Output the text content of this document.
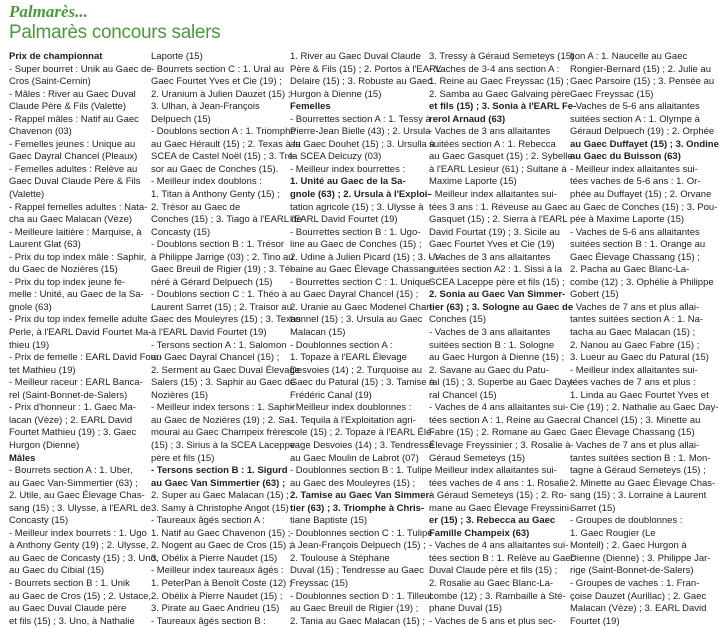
Palmarès...
Palmarès concours salers
Prix de championnat
- Super bourret : Unik au Gaec de
Cros (Saint-Cernin)
- Mâles : River au Gaec Duval
Claude Père & Fils (Valette)
- Rappel mâles : Natif au Gaec
Chavenon (03)
- Femelles jeunes : Unique au
Gaec Dayral Chancel (Pleaux)
- Femelles adultes : Relève au
Gaec Duval Claude Père & Fils
(Valette)
- Rappel femelles adultes : Nata-
cha au Gaec Malacan (Vèze)
- Meilleure laitière : Marquise, à
Laurent Glat (63)
- Prix du top index mâle : Saphir,
du Gaec de Nozières (15)
- Prix du top index jeune fe-
melle : Unité, au Gaec de la Sa-
gnole (63)
- Prix du top index femelle adulte :
Perle, à l'EARL David Fourtet Ma-
thieu (19)
- Prix de femelle : EARL David Four-
tet Mathieu (19)
- Meilleur raceur : EARL Banca-
rel (Saint-Bonnet-de-Salers)
- Prix d'honneur : 1. Gaec Ma-
lacan (Vèze) ; 2. EARL David
Fourtet Mathieu (19) ; 3. Gaec
Hurgon (Dienne)
Mâles
- Bourrets section A : 1. Uber,
au Gaec Van-Simmertier (63) ;
2. Utile, au Gaec Élevage Chas-
sang (15) ; 3. Ulysse, à l'EARL de
Concasty (15)
- Meilleur index bourrets : 1. Ugo
à Anthony Genty (19) ; 2. Ulysse,
au Gaec de Concasty (15) ; 3. Uno,
au Gaec du Cibial (15)
- Bourrets section B : 1. Unik
au Gaec de Cros (15) ; 2. Ustace,
au Gaec Duval Claude père
et fils (15) ; 3. Uno, à Nathalie
Laporte (15)
- Bourrets section C : 1. Ural au
Gaec Fourtet Yves et Cie (19) ;
2. Uranium à Julien Dauzet (15) ;
3. Ulhan, à Jean-François
Delpuech (15)
- Doublons section A : 1. Triomphe
au Gaec Hérault (15) ; 2. Texas à la
SCEA de Castel Noël (15) ; 3. Tré-
sor au Gaec de Conches (15).
- Meilleur index doublons :
1. Titan à Anthony Genty (15) ;
2. Trésor au Gaec de
Conches (15) ; 3. Tiago à l'EARL de
Concasty (15)
- Doublons section B : 1. Trésor
à Philippe Jarrige (03) ; 2. Tino au
Gaec Breuil de Rigier (19) ; 3. Té-
néré à Gérard Delpuech (15)
- Doublons section C : 1. Théo à
Laurent Sarret (15) ; 2. Traisor au
Gaec des Mouleyres (15) ; 3. Texas
à l'EARL David Fourtet (19)
- Tersons section A : 1. Salomon
au Gaec Dayral Chancel (15) ;
2. Serment au Gaec Duval Élevage
Salers (15) ; 3. Saphir au Gaec de
Nozières (15)
- Meilleur index tersons : 1. Saphir
au Gaec de Nozières (19) ; 2. Sa-
mourai au Gaec Champeix frères
(15) ; 3. Sirius à la SCEA Laceppe
père et fils (15)
- Tersons section B : 1. Sigurd
au Gaec Van Simmertier (63) ;
2. Super au Gaec Malacan (15) ;
3. Samy à Christophe Angot (15)
- Taureaux âgés section A :
1. Natif au Gaec Chavenon (15) ;
2. Nogent au Gaec de Cros (15) ;
3. Obélix à Pierre Naudet (15)
- Meilleur index taureaux âgés :
1. PeterPan à Benoît Coste (12) ;
2. Obélix à Pierre Naudet (15) ;
3. Pirate au Gaec Andrieu (15)
- Taureaux âgés section B :
1. River au Gaec Duval Claude
Père & Fils (15) ; 2. Portos à l'EARL
Delaire (15) ; 3. Robuste au Gaec
Hurgon à Dienne (15)
Femelles
- Bourrettes section A : 1. Tessy à
Pierre-Jean Bielle (43) ; 2. Ursula
au Gaec Douhet (15) ; 3. Ursulla à
la SCEA Delcuzy (03)
- Meilleur index bourrettes :
1. Unité au Gaec de la Sa-
gnole (63) ; 2. Ursula à l'Exploi-
tation agricole (15) ; 3. Ulysse à
l'EARL David Fourtet (19)
- Bourrettes section B : 1. Ugo-
line au Gaec de Conches (15) ;
2. Udine à Julien Picard (15) ; 3. Ur-
baine au Gaec Élevage Chassang
- Bourrettes section C : 1. Unique
au Gaec Dayral Chancel (15) ;
2. Uranie au Gaec Modenel Char-
bonnel (15) ; 3. Ursula au Gaec
Malacan (15)
- Doublonnes section A :
1. Topaze à l'EARL Élevage
Desvoies (14) ; 2. Turquoise au
Gaec du Patural (15) ; 3. Tamise à
Frédéric Canal (19)
- Meilleur index doublonnes :
1. Tequila à l'Exploitation agri-
cole (15) ; 2. Topaze à l'EARL Élé-
vage Desvoies (14) ; 3. Tendresse
au Gaec Moulin de Labrot (07)
- Doublonnes section B : 1. Tulipe
au Gaec des Mouleyres (15) ;
2. Tamise au Gaec Van Simmer-
tier (63) ; 3. Triomphe à Chris-
tiane Baptiste (15)
- Doublonnes section C : 1. Tulipe
à Jean-François Delpuech (15) ;
2. Toulouse à Stéphane
Duval (15) ; Tendresse au Gaec
Freyssac (15)
- Doublonnes section D : 1. Tilleul
au Gaec Breuil de Rigier (19) ;
2. Tania au Gaec Malacan (15) ;
3. Tressy à Géraud Semeteys (15)
- Vaches de 3-4 ans section A :
1. Reine au Gaec Freyssac (15) ;
2. Samba au Gaec Galvaing père
et fils (15) ; 3. Sonia à l'EARL Fe-
rerol Arnaud (63)
- Vaches de 3 ans allaitantes
suitées section A : 1. Rebecca
au Gaec Gasquet (15) ; 2. Sybelle
à l'EARL Lesieur (61) ; Sultane à
Maxime Laporte (15)
- Meilleur index allaitantes sui-
tées 3 ans : 1. Réveuse au Gaec
Gasquet (15) ; 2. Sierra à l'EARL
David Fourtat (19) ; 3. Sicile au
Gaec Fourtet Yves et Cie (19)
- Vaches de 3 ans allaitantes
suitées section A2 : 1. Sissi à la
SCEA Laceppe père et fils (15) ;
2. Sonia au Gaec Van Simmer-
tier (63) ; 3. Sologne au Gaec de
Conches (15)
- Vaches de 3 ans allaitantes
suitées section B : 1. Sologne
au Gaec Hurgon à Dienne (15) ;
2. Savane au Gaec du Patu-
ral (15) ; 3. Superbe au Gaec Day-
ral Chancel (15)
- Vaches de 4 ans allaitantes sui-
tées section A : 1. Reine au Gaec
Fabre (15) ; 2. Romane au Gaec
Élevage Freyssinier ; 3. Rosalie à
Géraud Semeteys (15)
- Meilleur index allaitantes sui-
tées vaches de 4 ans : 1. Rosalie
à Géraud Semeteys (15) ; 2. Ro-
mane au Gaec Élevage Freyssini-
er (15) ; 3. Rebecca au Gaec
Famille Champeix (63)
- Vaches de 4 ans allaitantes sui-
tées section B : 1. Relève au Gaec
Duval Claude père et fils (15) ;
2. Rosalie au Gaec Blanc-La-
combe (12) ; 3. Rambaille à Sté-
phane Duval (15)
- Vaches de 5 ans et plus sec-
tion A : 1. Naucelle au Gaec
Rongier-Bernard (15) ; 2. Julie au
Gaec Parsoire (15) ; 3. Pensée au
Gaec Freyssac (15)
- Vaches de 5-6 ans allaitantes
suitées section A : 1. Olympe à
Géraud Delpuech (19) ; 2. Orphée
au Gaec Duffayet (15) ; 3. Ondine
au Gaec du Buisson (63)
- Meilleur index allaitantes sui-
tées vaches de 5-6 ans : 1. Or-
phée au Duffayet (15) ; 2. Orvane
au Gaec de Conches (15) ; 3. Pou-
pée à Maxime Laporte (15)
- Vaches de 5-6 ans allaitantes
suitées section B : 1. Orange au
Gaec Élevage Chassang (15) ;
2. Pacha au Gaec Blanc-La-
combe (12) ; 3. Ophélie à Philippe
Gobert (15)
- Vaches de 7 ans et plus allai-
tantes suitées section A : 1. Na-
tacha au Gaec Malacan (15) ;
2. Nanou au Gaec Fabre (15) ;
3. Lueur au Gaec du Patural (15)
- Meilleur index allaitantes sui-
tées vaches de 7 ans et plus :
1. Linda au Gaec Fourtet Yves et
Cie (19) ; 2. Nathalie au Gaec Day-
ral Chancel (15) ; 3. Minette au
Gaec Élevage Chassang (15)
- Vaches de 7 ans et plus allai-
tantes suitées section B : 1. Mon-
tagne à Géraud Semeteys (15) ;
2. Minette au Gaec Élevage Chas-
sang (15) ; 3. Lorraine à Laurent
Sarret (15)
- Groupes de doublonnes :
1. Gaec Rougier (Le
Monteil) ; 2. Gaec Hurgon à
Dienne (Dienne) ; 3. Philippe Jar-
rige (Saint-Bonnet-de-Salers)
- Groupes de vaches : 1. Fran-
çoise Dauzet (Aurillac) ; 2. Gaec
Malacan (Vèze) ; 3. EARL David
Fourtet (19)
